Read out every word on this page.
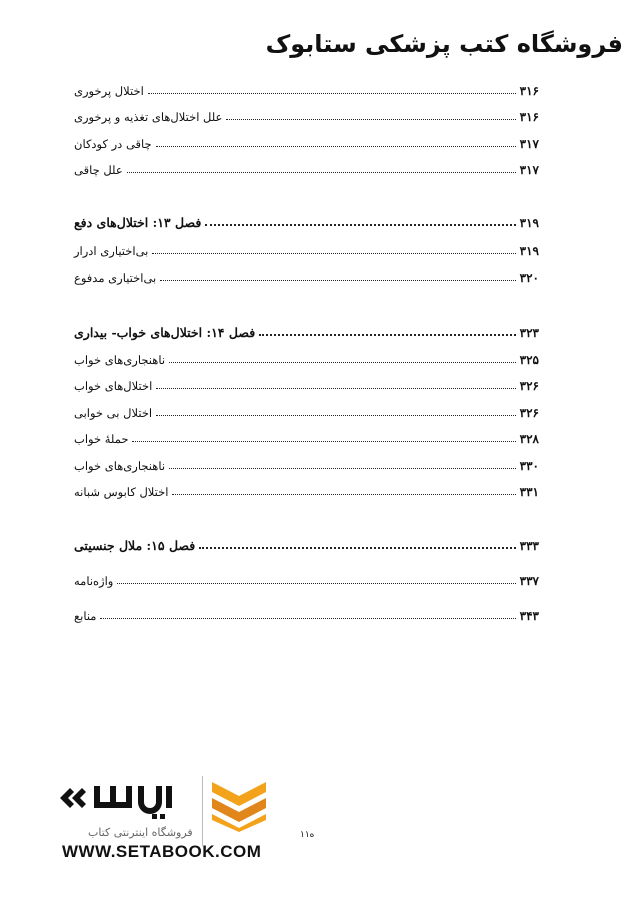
فروشگاه کتب پزشکی ستابوک
اختلال پرخوری	۳۱۶
علل اختلال‌های تغذیه و پرخوری	۳۱۶
چاقی در کودکان	۳۱۷
علل چاقی	۳۱۷
فصل ۱۳: اختلال‌های دفع	۳۱۹
بی‌اختیاری ادرار	۳۱۹
بی‌اختیاری مدفوع	۳۲۰
فصل ۱۴: اختلال‌های خواب- بیداری	۳۲۳
ناهنجاری‌های خواب	۳۲۵
اختلال‌های خواب	۳۲۶
اختلال بی خوابی	۳۲۶
حملهٔ خواب	۳۲۸
ناهنجاری‌های خواب	۳۳۰
اختلال کابوس شبانه	۳۳۱
فصل ۱۵: ملال جنسیتی	۳۳۳
واژه‌نامه	۳۳۷
منابع	۳۴۳
فروشگاه اینترنتی کتاب
WWW.SETABOOK.COM
ه۱۱
